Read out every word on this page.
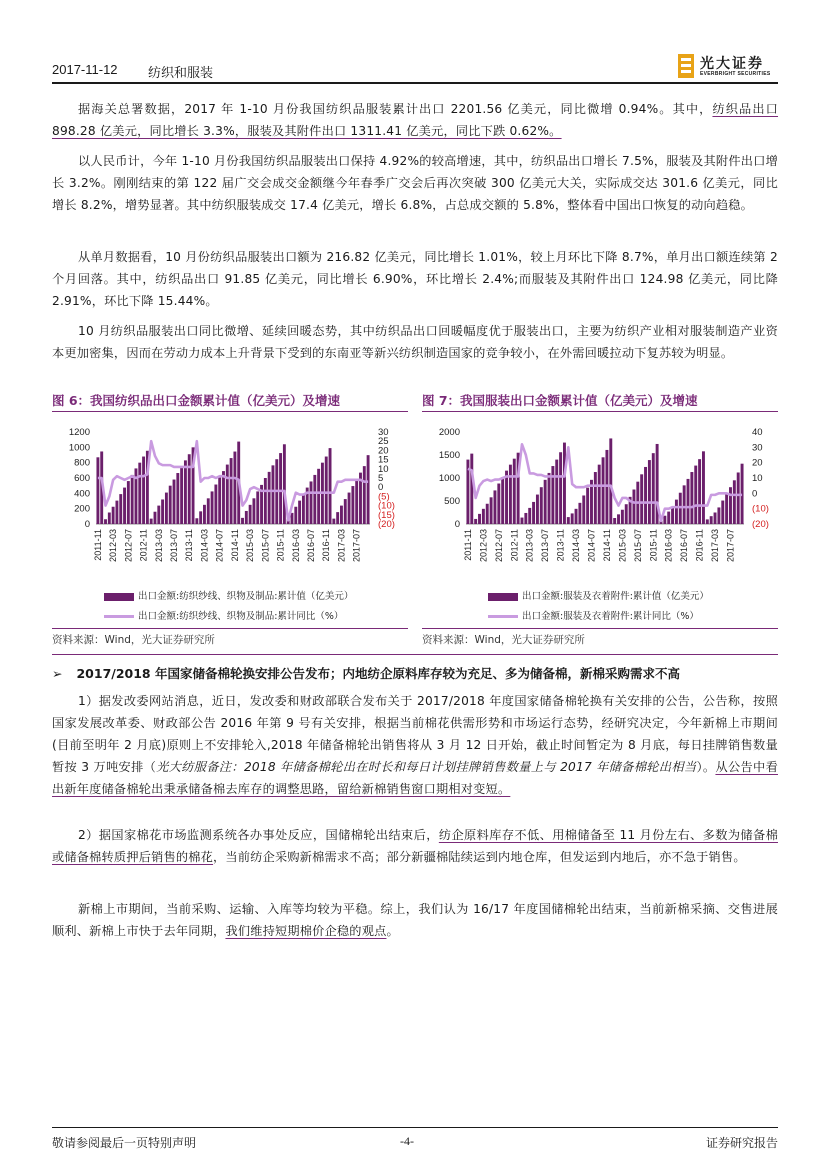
2017-11-12 纺织和服装
光大证券
EVERBRIGHT SECURITIES

据海关总署数据，2017 年 1-10 月份我国纺织品服装累计出口 2201.56 亿美元，同比微增 0.94%。其中，纺织品出口 898.28 亿美元，同比增长 3.3%，服装及其附件出口 1311.41 亿美元，同比下跌 0.62%。

以人民币计，今年 1-10 月份我国纺织品服装出口保持 4.92%的较高增速，其中，纺织品出口增长 7.5%，服装及其附件出口增长 3.2%。刚刚结束的第 122 届广交会成交金额继今年春季广交会后再次突破 300 亿美元大关，实际成交达 301.6 亿美元，同比增长 8.2%，增势显著。其中纺织服装成交 17.4 亿美元，增长 6.8%，占总成交额的 5.8%，整体看中国出口恢复的动向趋稳。

从单月数据看，10 月份纺织品服装出口额为 216.82 亿美元，同比增长 1.01%，较上月环比下降 8.7%，单月出口额连续第 2 个月回落。其中，纺织品出口 91.85 亿美元，同比增长 6.90%，环比增长 2.4%;而服装及其附件出口 124.98 亿美元，同比降 2.91%，环比下降 15.44%。

10 月纺织品服装出口同比微增、延续回暖态势，其中纺织品出口回暖幅度优于服装出口，主要为纺织产业相对服装制造产业资本更加密集，因而在劳动力成本上升背景下受到的东南亚等新兴纺织制造国家的竞争较小，在外需回暖拉动下复苏较为明显。

图 6：我国纺织品出口金额累计值（亿美元）及增速
1200
1000
800
600
400
200
0
30
25
20
15
10
5
0
(5)
(10)
(15)
(20)
2011-11 2012-03 2012-07 2012-11 2013-03 2013-07 2013-11 2014-03 2014-07 2014-11 2015-03 2015-07 2015-11 2016-03 2016-07 2016-11 2017-03 2017-07
出口金额:纺织纱线、织物及制品:累计值（亿美元）
出口金额:纺织纱线、织物及制品:累计同比（%）
资料来源：Wind，光大证券研究所
图 7：我国服装出口金额累计值（亿美元）及增速
2000
1500
1000
500
0
40
30
20
10
0
(10)
(20)
2011-11 2012-03 2012-07 2012-11 2013-03 2013-07 2013-11 2014-03 2014-07 2014-11 2015-03 2015-07 2015-11 2016-03 2016-07 2016-11 2017-03 2017-07
出口金额:服装及衣着附件:累计值（亿美元）
出口金额:服装及衣着附件:累计同比（%）
资料来源：Wind，光大证券研究所
➢ 2017/2018 年国家储备棉轮换安排公告发布；内地纺企原料库存较为充足、多为储备棉，新棉采购需求不高

1）据发改委网站消息，近日，发改委和财政部联合发布关于 2017/2018 年度国家储备棉轮换有关安排的公告，公告称，按照国家发展改革委、财政部公告 2016 年第 9 号有关安排，根据当前棉花供需形势和市场运行态势，经研究决定，今年新棉上市期间(目前至明年 2 月底)原则上不安排轮入,2018 年储备棉轮出销售将从 3 月 12 日开始，截止时间暂定为 8 月底，每日挂牌销售数量暂按 3 万吨安排（光大纺服备注：2018 年储备棉轮出在时长和每日计划挂牌销售数量上与 2017 年储备棉轮出相当）。从公告中看出新年度储备棉轮出秉承储备棉去库存的调整思路，留给新棉销售窗口期相对变短。

2）据国家棉花市场监测系统各办事处反应，国储棉轮出结束后，纺企原料库存不低、用棉储备至 11 月份左右、多数为储备棉或储备棉转质押后销售的棉花，当前纺企采购新棉需求不高；部分新疆棉陆续运到内地仓库，但发运到内地后，亦不急于销售。

新棉上市期间，当前采购、运输、入库等均较为平稳。综上，我们认为 16/17 年度国储棉轮出结束，当前新棉采摘、交售进展顺利、新棉上市快于去年同期，我们维持短期棉价企稳的观点。

敬请参阅最后一页特别声明	-4-	证券研究报告
